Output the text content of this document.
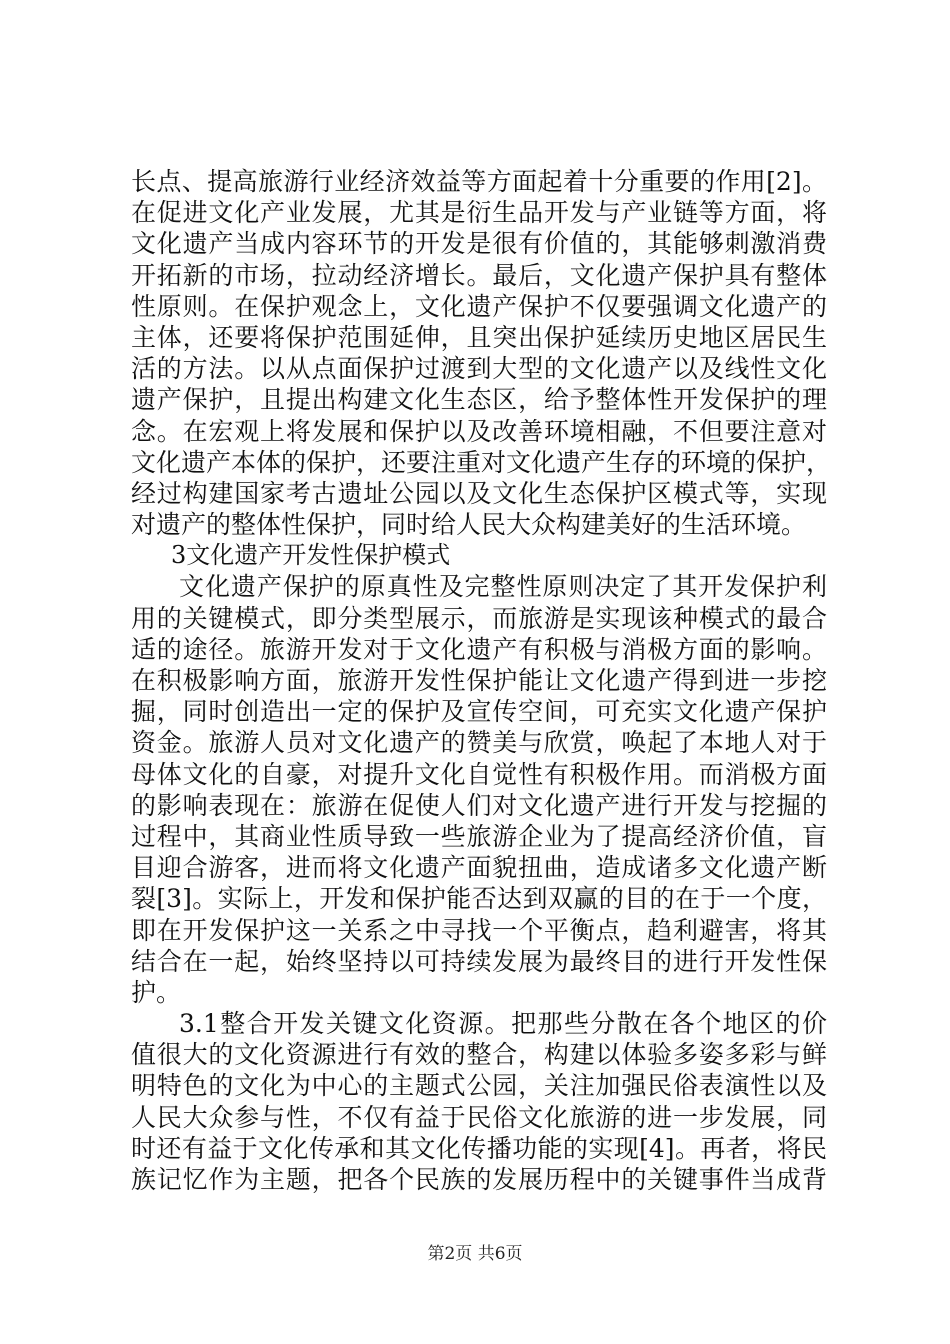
长点、提高旅游行业经济效益等方面起着十分重要的作用[2]。
在促进文化产业发展，尤其是衍生品开发与产业链等方面，将
文化遗产当成内容环节的开发是很有价值的，其能够刺激消费
开拓新的市场，拉动经济增长。最后，文化遗产保护具有整体
性原则。在保护观念上，文化遗产保护不仅要强调文化遗产的
主体，还要将保护范围延伸，且突出保护延续历史地区居民生
活的方法。以从点面保护过渡到大型的文化遗产以及线性文化
遗产保护，且提出构建文化生态区，给予整体性开发保护的理
念。在宏观上将发展和保护以及改善环境相融，不但要注意对
文化遗产本体的保护，还要注重对文化遗产生存的环境的保护，
经过构建国家考古遗址公园以及文化生态保护区模式等，实现
对遗产的整体性保护，同时给人民大众构建美好的生活环境。
3文化遗产开发性保护模式
文化遗产保护的原真性及完整性原则决定了其开发保护利
用的关键模式，即分类型展示，而旅游是实现该种模式的最合
适的途径。旅游开发对于文化遗产有积极与消极方面的影响。
在积极影响方面，旅游开发性保护能让文化遗产得到进一步挖
掘，同时创造出一定的保护及宣传空间，可充实文化遗产保护
资金。旅游人员对文化遗产的赞美与欣赏，唤起了本地人对于
母体文化的自豪，对提升文化自觉性有积极作用。而消极方面
的影响表现在：旅游在促使人们对文化遗产进行开发与挖掘的
过程中，其商业性质导致一些旅游企业为了提高经济价值，盲
目迎合游客，进而将文化遗产面貌扭曲，造成诸多文化遗产断
裂[3]。实际上，开发和保护能否达到双赢的目的在于一个度，
即在开发保护这一关系之中寻找一个平衡点，趋利避害，将其
结合在一起，始终坚持以可持续发展为最终目的进行开发性保
护。
3.1整合开发关键文化资源。把那些分散在各个地区的价
值很大的文化资源进行有效的整合，构建以体验多姿多彩与鲜
明特色的文化为中心的主题式公园，关注加强民俗表演性以及
人民大众参与性，不仅有益于民俗文化旅游的进一步发展，同
时还有益于文化传承和其文化传播功能的实现[4]。再者，将民
族记忆作为主题，把各个民族的发展历程中的关键事件当成背
第2页 共6页
